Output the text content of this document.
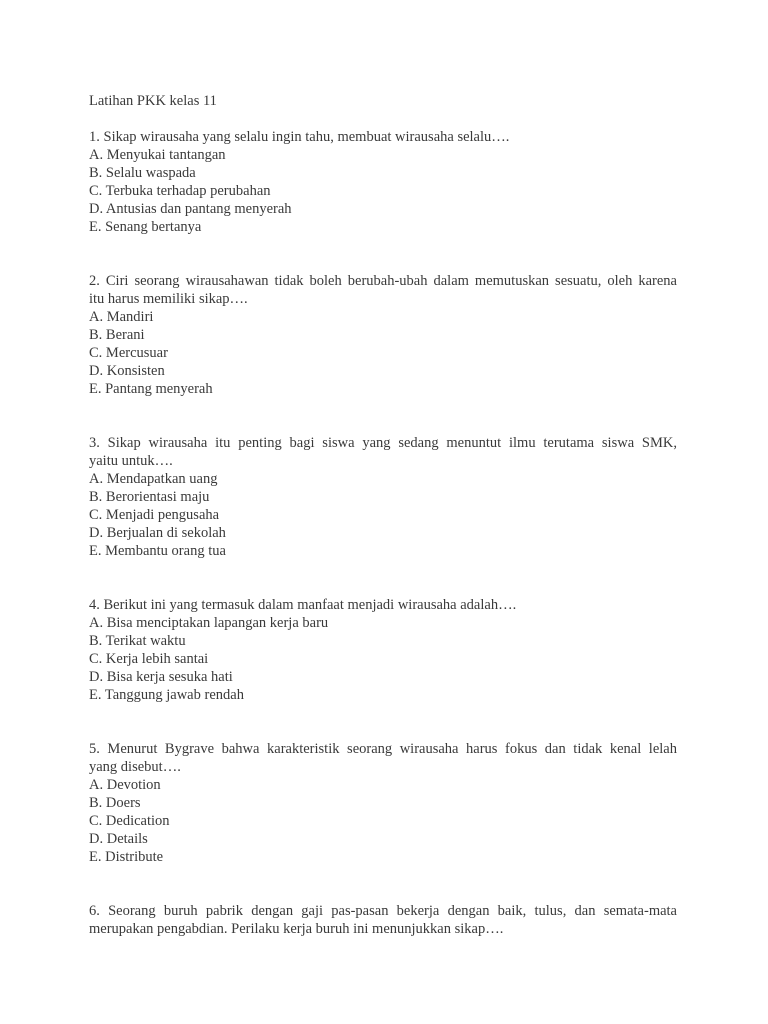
Latihan PKK kelas 11

1. Sikap wirausaha yang selalu ingin tahu, membuat wirausaha selalu….

A. Menyukai tantangan

B. Selalu waspada

C. Terbuka terhadap perubahan

D. Antusias dan pantang menyerah

E. Senang bertanya

2. Ciri seorang wirausahawan tidak boleh berubah-ubah dalam memutuskan sesuatu, oleh karena

itu harus memiliki sikap….

A. Mandiri

B. Berani

C. Mercusuar

D. Konsisten

E. Pantang menyerah

3. Sikap wirausaha itu penting bagi siswa yang sedang menuntut ilmu terutama siswa SMK,

yaitu untuk….

A. Mendapatkan uang

B. Berorientasi maju

C. Menjadi pengusaha

D. Berjualan di sekolah

E. Membantu orang tua

4. Berikut ini yang termasuk dalam manfaat menjadi wirausaha adalah….

A. Bisa menciptakan lapangan kerja baru

B. Terikat waktu

C. Kerja lebih santai

D. Bisa kerja sesuka hati

E. Tanggung jawab rendah

5. Menurut Bygrave bahwa karakteristik seorang wirausaha harus fokus dan tidak kenal lelah

yang disebut….

A. Devotion

B. Doers

C. Dedication

D. Details

E. Distribute

6. Seorang buruh pabrik dengan gaji pas-pasan bekerja dengan baik, tulus, dan semata-mata

merupakan pengabdian. Perilaku kerja buruh ini menunjukkan sikap….
